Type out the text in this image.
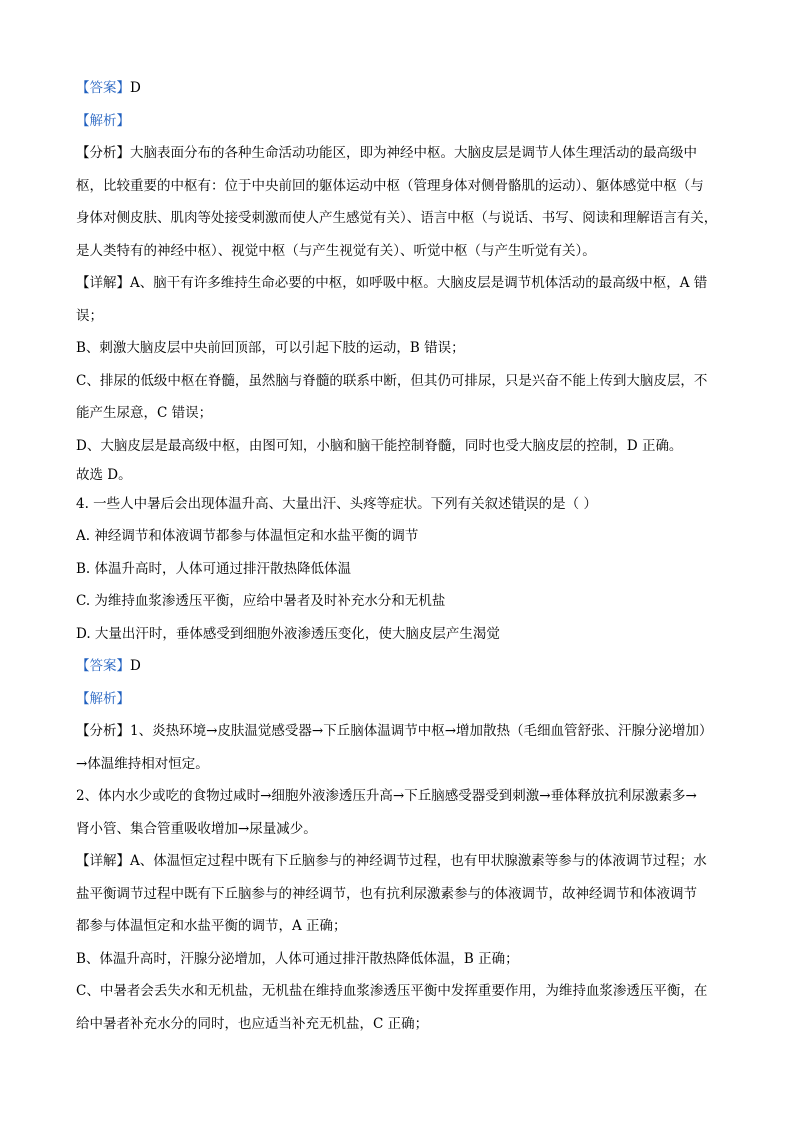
【答案】D
【解析】
【分析】大脑表面分布的各种生命活动功能区，即为神经中枢。大脑皮层是调节人体生理活动的最高级中
枢，比较重要的中枢有：位于中央前回的躯体运动中枢（管理身体对侧骨骼肌的运动）、躯体感觉中枢（与
身体对侧皮肤、肌肉等处接受刺激而使人产生感觉有关）、语言中枢（与说话、书写、阅读和理解语言有关，
是人类特有的神经中枢）、视觉中枢（与产生视觉有关）、听觉中枢（与产生听觉有关）。
【详解】A、脑干有许多维持生命必要的中枢，如呼吸中枢。大脑皮层是调节机体活动的最高级中枢，A 错
误；
B、刺激大脑皮层中央前回顶部，可以引起下肢的运动，B 错误；
C、排尿的低级中枢在脊髓，虽然脑与脊髓的联系中断，但其仍可排尿，只是兴奋不能上传到大脑皮层，不
能产生尿意，C 错误；
D、大脑皮层是最高级中枢，由图可知，小脑和脑干能控制脊髓，同时也受大脑皮层的控制，D 正确。
故选 D。
4. 一些人中暑后会出现体温升高、大量出汗、头疼等症状。下列有关叙述错误的是（ ）
A. 神经调节和体液调节都参与体温恒定和水盐平衡的调节
B. 体温升高时，人体可通过排汗散热降低体温
C. 为维持血浆渗透压平衡，应给中暑者及时补充水分和无机盐
D. 大量出汗时，垂体感受到细胞外液渗透压变化，使大脑皮层产生渴觉
【答案】D
【解析】
【分析】1、炎热环境→皮肤温觉感受器→下丘脑体温调节中枢→增加散热（毛细血管舒张、汗腺分泌增加）
→体温维持相对恒定。
2、体内水少或吃的食物过咸时→细胞外液渗透压升高→下丘脑感受器受到刺激→垂体释放抗利尿激素多→
肾小管、集合管重吸收增加→尿量减少。
【详解】A、体温恒定过程中既有下丘脑参与的神经调节过程，也有甲状腺激素等参与的体液调节过程；水
盐平衡调节过程中既有下丘脑参与的神经调节，也有抗利尿激素参与的体液调节，故神经调节和体液调节
都参与体温恒定和水盐平衡的调节，A 正确；
B、体温升高时，汗腺分泌增加，人体可通过排汗散热降低体温，B 正确；
C、中暑者会丢失水和无机盐，无机盐在维持血浆渗透压平衡中发挥重要作用，为维持血浆渗透压平衡，在
给中暑者补充水分的同时，也应适当补充无机盐，C 正确；
